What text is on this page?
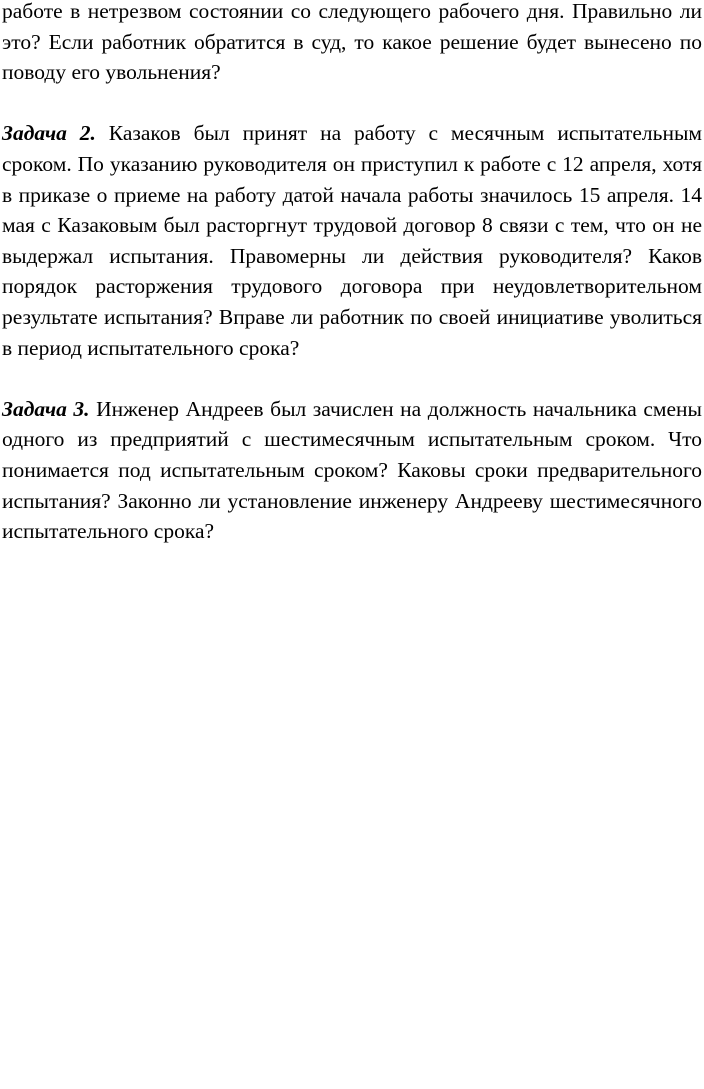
работе в нетрезвом состоянии со следующего рабочего дня. Правильно ли это? Если работник обратится в суд, то какое решение будет вынесено по поводу его увольнения?

Задача 2. Казаков был принят на работу с месячным испытательным сроком. По указанию руководителя он приступил к работе с 12 апреля, хотя в приказе о приеме на работу датой начала работы значилось 15 апреля. 14 мая с Казаковым был расторгнут трудовой договор 8 связи с тем, что он не выдержал испытания. Правомерны ли действия руководителя? Каков порядок расторжения трудового договора при неудовлетворительном результате испытания? Вправе ли работник по своей инициативе уволиться в период испытательного срока?

Задача 3. Инженер Андреев был зачислен на должность начальника смены одного из предприятий с шестимесячным испытательным сроком. Что понимается под испытательным сроком? Каковы сроки предварительного испытания? Законно ли установление инженеру Андрееву шестимесячного испытательного срока?
